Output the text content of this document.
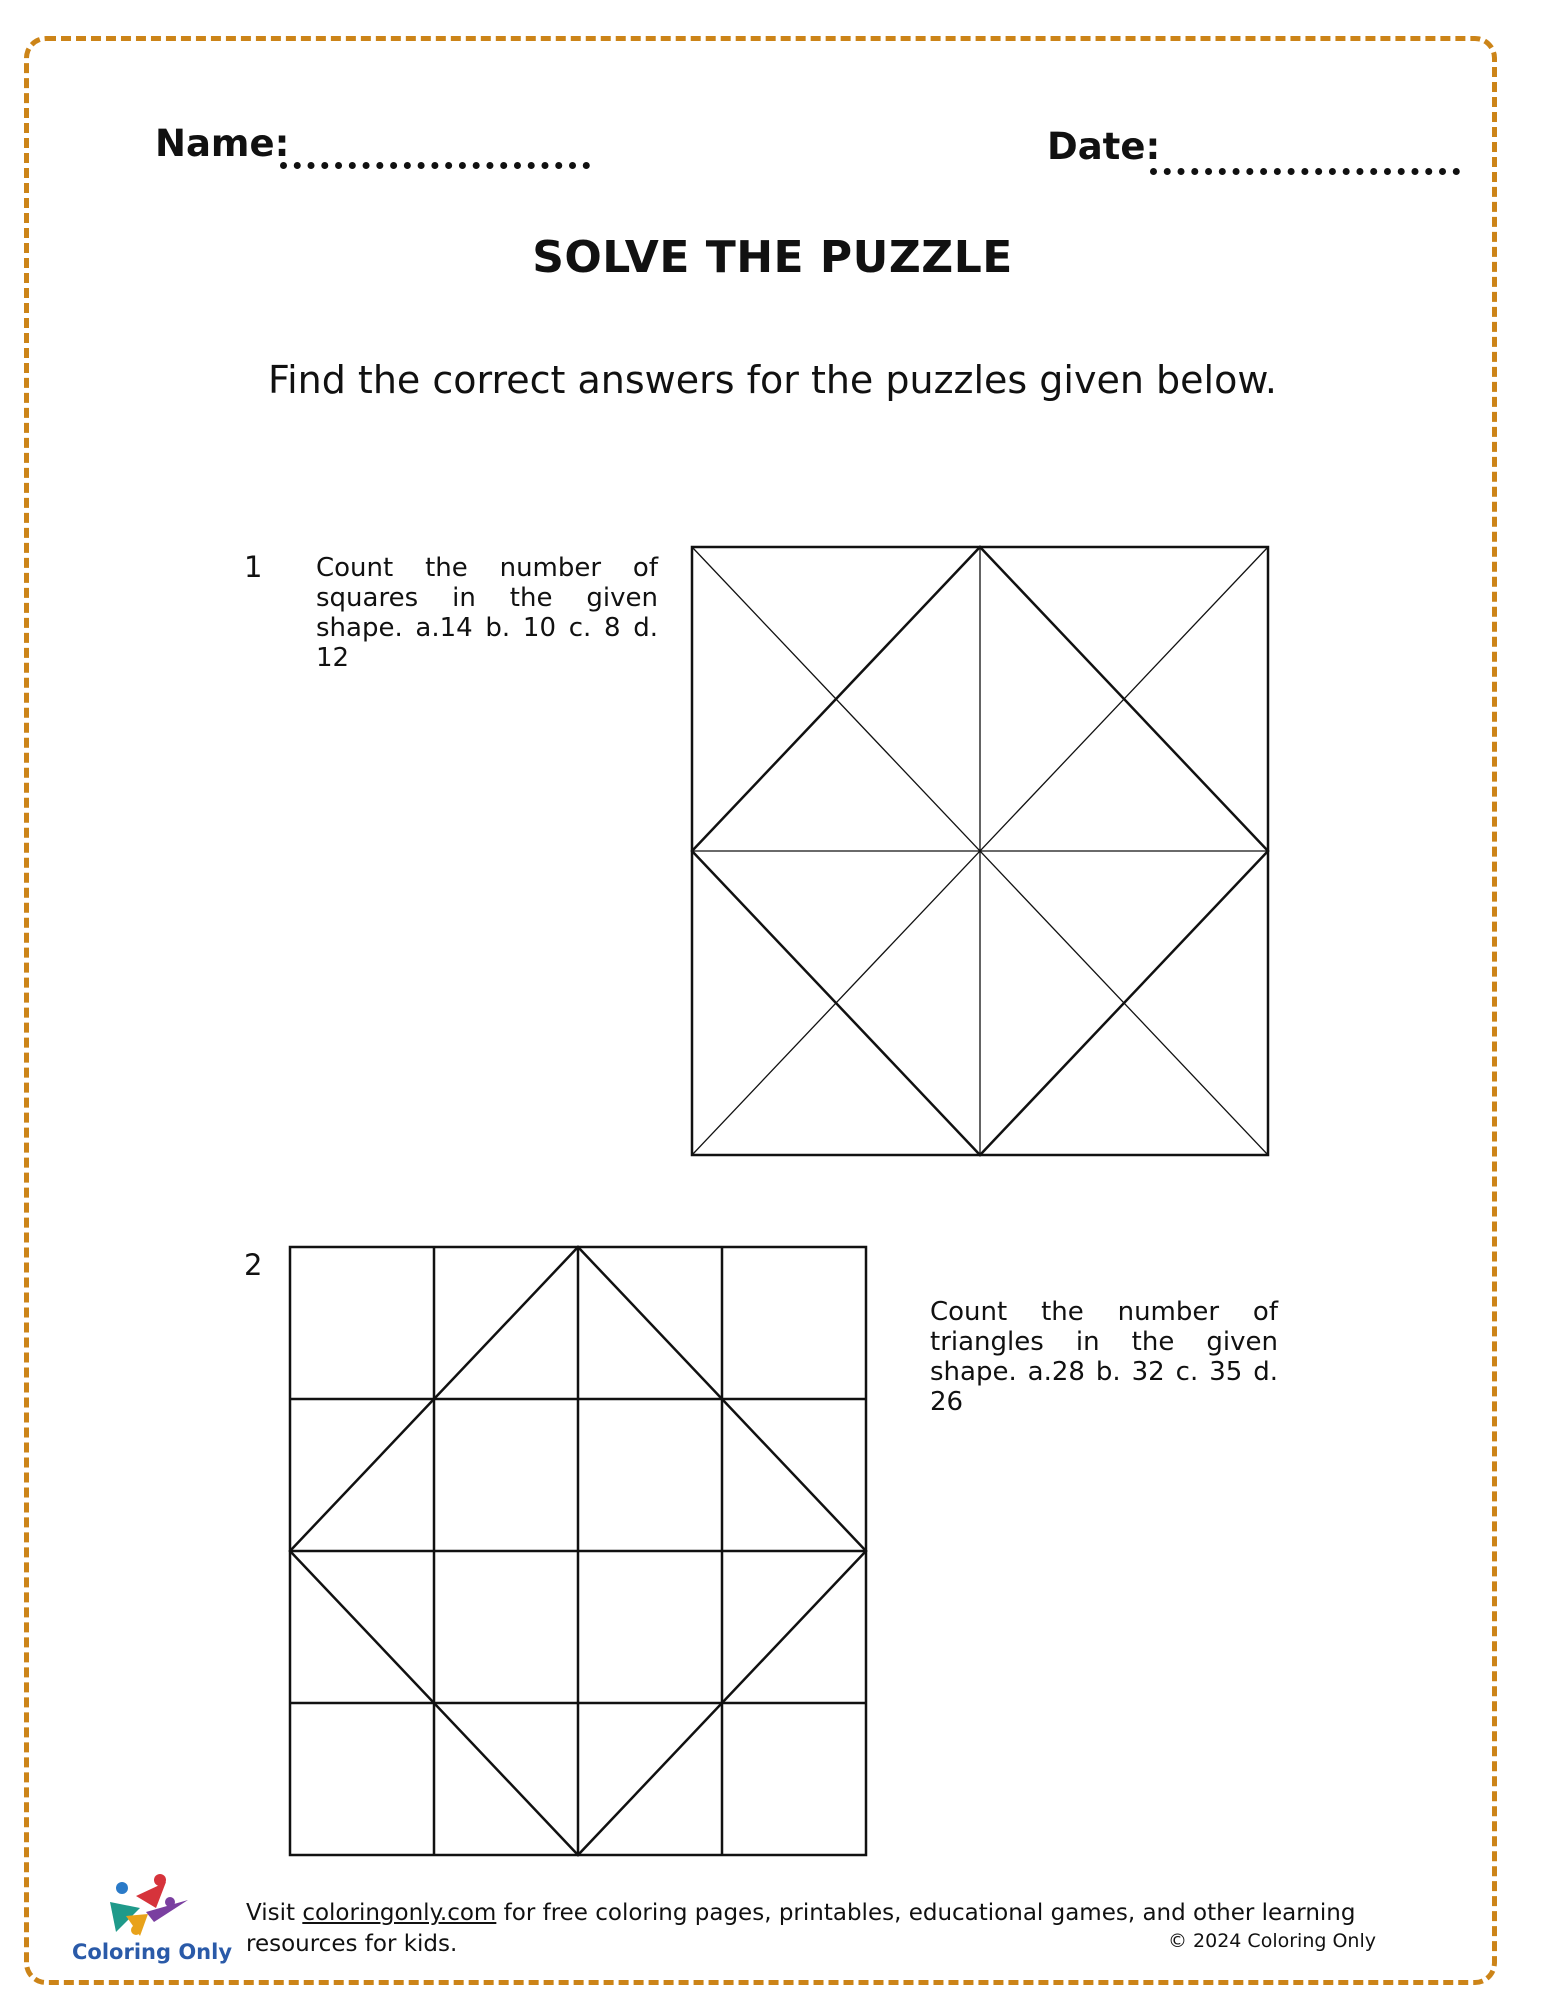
Name:	Date:
SOLVE THE PUZZLE
Find the correct answers for the puzzles given below.
1 Count the number of squares in the given shape. a.14 b. 10 c. 8 d. 12
2
Count the number of triangles in the given shape. a.28 b. 32 c. 35 d. 26
Coloring Only
Visit coloringonly.com for free coloring pages, printables, educational games, and other learning resources for kids.	© 2024 Coloring Only
